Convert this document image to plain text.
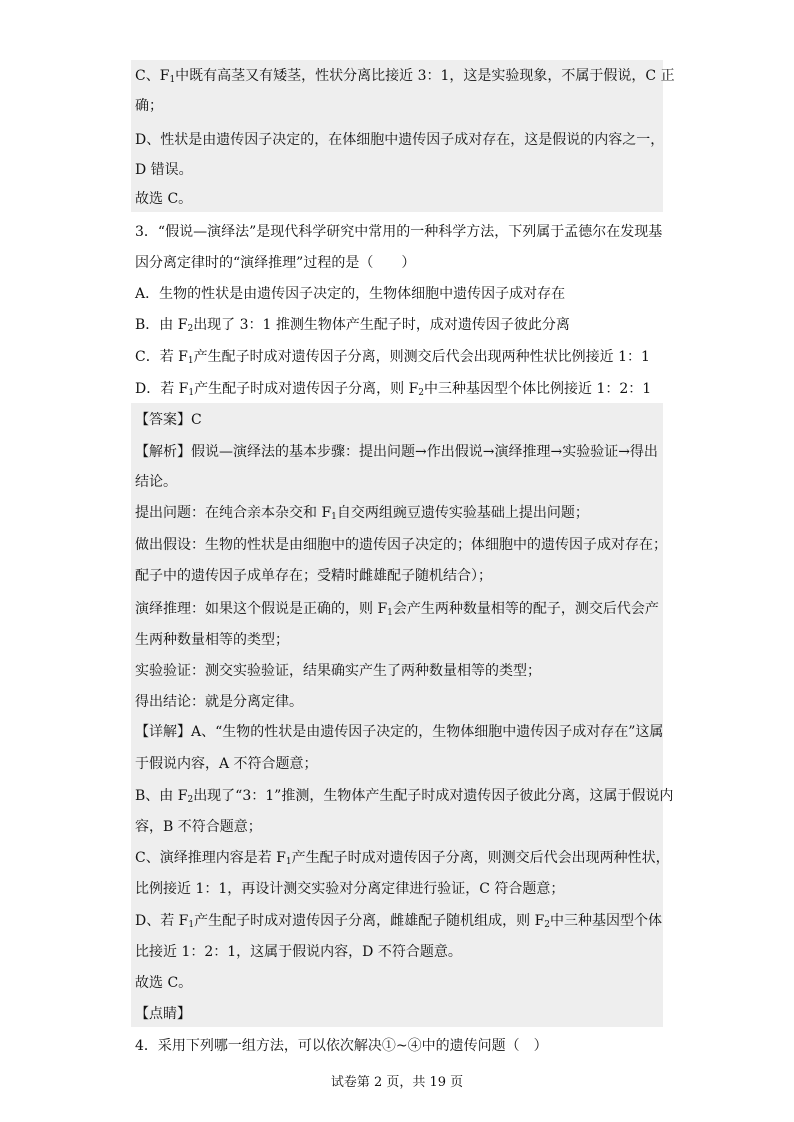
C、$F_1$中既有高茎又有矮茎，性状分离比接近 3：1，这是实验现象，不属于假说，C 正
确；
D、性状是由遗传因子决定的，在体细胞中遗传因子成对存在，这是假说的内容之一，
D 错误。
故选 C。
3．“假说—演绎法”是现代科学研究中常用的一种科学方法，下列属于孟德尔在发现基
因分离定律时的“演绎推理”过程的是（　　）
A．生物的性状是由遗传因子决定的，生物体细胞中遗传因子成对存在
B．由 $F_2$出现了 3：1 推测生物体产生配子时，成对遗传因子彼此分离
C．若 $F_1$产生配子时成对遗传因子分离，则测交后代会出现两种性状比例接近 1：1
D．若 $F_1$产生配子时成对遗传因子分离，则 $F_2$中三种基因型个体比例接近 1：2：1
【答案】C
【解析】假说—演绎法的基本步骤：提出问题→作出假说→演绎推理→实验验证→得出
结论。
提出问题：在纯合亲本杂交和 $F_1$自交两组豌豆遗传实验基础上提出问题；
做出假设：生物的性状是由细胞中的遗传因子决定的；体细胞中的遗传因子成对存在；
配子中的遗传因子成单存在；受精时雌雄配子随机结合）；
演绎推理：如果这个假说是正确的，则 $F_1$会产生两种数量相等的配子，测交后代会产
生两种数量相等的类型；
实验验证：测交实验验证，结果确实产生了两种数量相等的类型；
得出结论：就是分离定律。
【详解】A、“生物的性状是由遗传因子决定的，生物体细胞中遗传因子成对存在”这属
于假说内容，A 不符合题意；
B、由 $F_2$出现了“3：1”推测，生物体产生配子时成对遗传因子彼此分离，这属于假说内
容，B 不符合题意；
C、演绎推理内容是若 $F_1$产生配子时成对遗传因子分离，则测交后代会出现两种性状，
比例接近 1：1，再设计测交实验对分离定律进行验证，C 符合题意；
D、若 $F_1$产生配子时成对遗传因子分离，雌雄配子随机组成，则 $F_2$中三种基因型个体
比接近 1：2：1，这属于假说内容，D 不符合题意。
故选 C。
【点睛】
4．采用下列哪一组方法，可以依次解决①~④中的遗传问题（　）
试卷第 2 页，共 19 页
